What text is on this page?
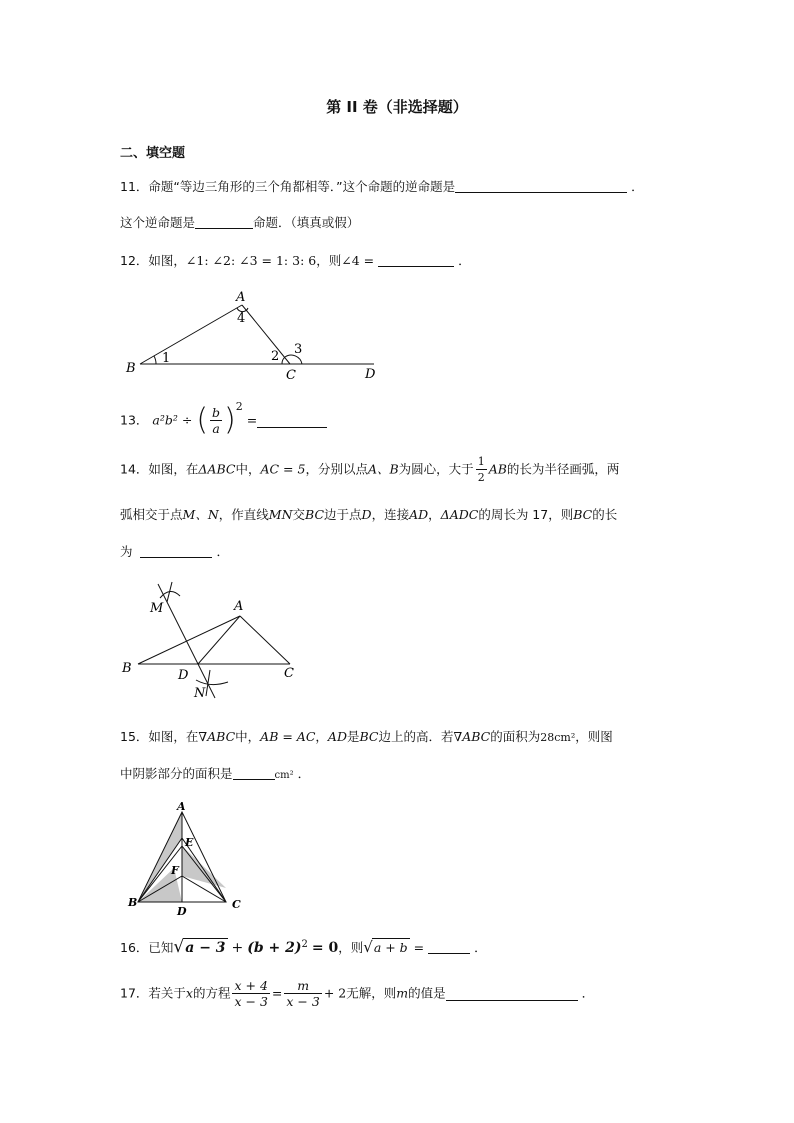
第 II 卷（非选择题）
二、填空题
11．命题“等边三角形的三个角都相等．”这个命题的逆命题是	．
这个逆命题是	命题．（填真或假）
12．如图，∠1: ∠2: ∠3 = 1: 3: 6，则∠4 =	．
A
B	C	D
1	2 3
4
13． a²b² ÷ ( $\frac{b}{a} )^2$ =
14．如图，在ΔABC中，AC = 5，分别以点A、B为圆心，大于 $\frac{1}{2}$ AB的长为半径画弧，两
弧相交于点M、N，作直线MN交BC边于点D，连接AD，ΔADC的周长为 17，则BC的长
为	．
M	A
B	D	C
N
15．如图，在∇ABC中，AB = AC，AD是BC边上的高．若∇ABC的面积为28cm²，则图
中阴影部分的面积是	cm² ．
A
E
F
B
D
C
16．已知$√a - 3 + (b + 2)^2 = 0$，则√a + b =	．
17．若关于x的方程 $\frac{x + 4}{x - 3} = \frac{m}{x - 3} + 2$无解，则m的值是	．
